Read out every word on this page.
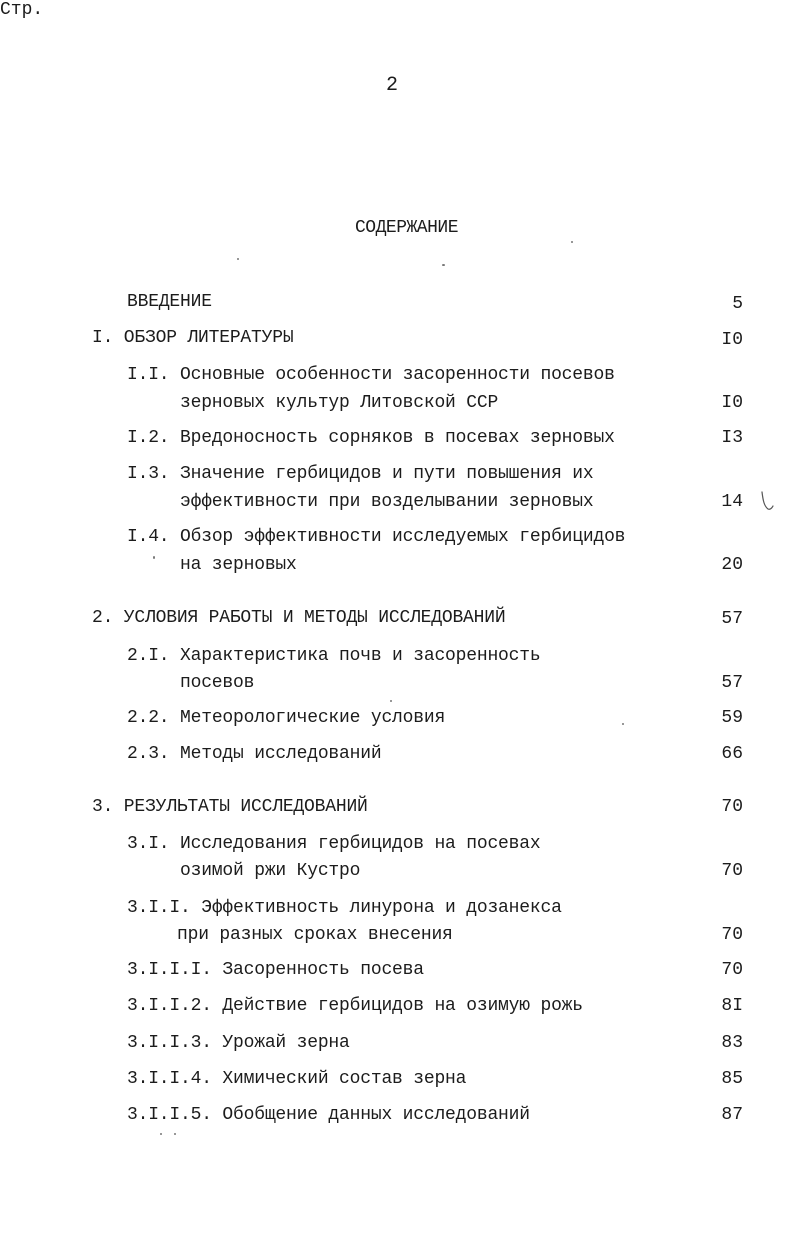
2
СОДЕРЖАНИЕ
Стр.
ВВЕДЕНИЕ	5
I. ОБЗОР ЛИТЕРАТУРЫ	I0
I.I. Основные особенности засоренности посевов
зерновых культур Литовской ССР	I0
I.2. Вредоносность сорняков в посевах зерновых	I3
I.3. Значение гербицидов и пути повышения их
эффективности при возделывании зерновых	14
I.4. Обзор эффективности исследуемых гербицидов
на зерновых	20
2. УСЛОВИЯ РАБОТЫ И МЕТОДЫ ИССЛЕДОВАНИЙ	57
2.I. Характеристика почв и засоренность
посевов	57
2.2. Метеорологические условия	59
2.3. Методы исследований	66
3. РЕЗУЛЬТАТЫ ИССЛЕДОВАНИЙ	70
3.I. Исследования гербицидов на посевах
озимой ржи Кустро	70
3.I.I. Эффективность линурона и дозанекса
при разных сроках внесения	70
3.I.I.I. Засоренность посева	70
3.I.I.2. Действие гербицидов на озимую рожь	8I
3.I.I.3. Урожай зерна	83
3.I.I.4. Химический состав зерна	85
3.I.I.5. Обобщение данных исследований	87
